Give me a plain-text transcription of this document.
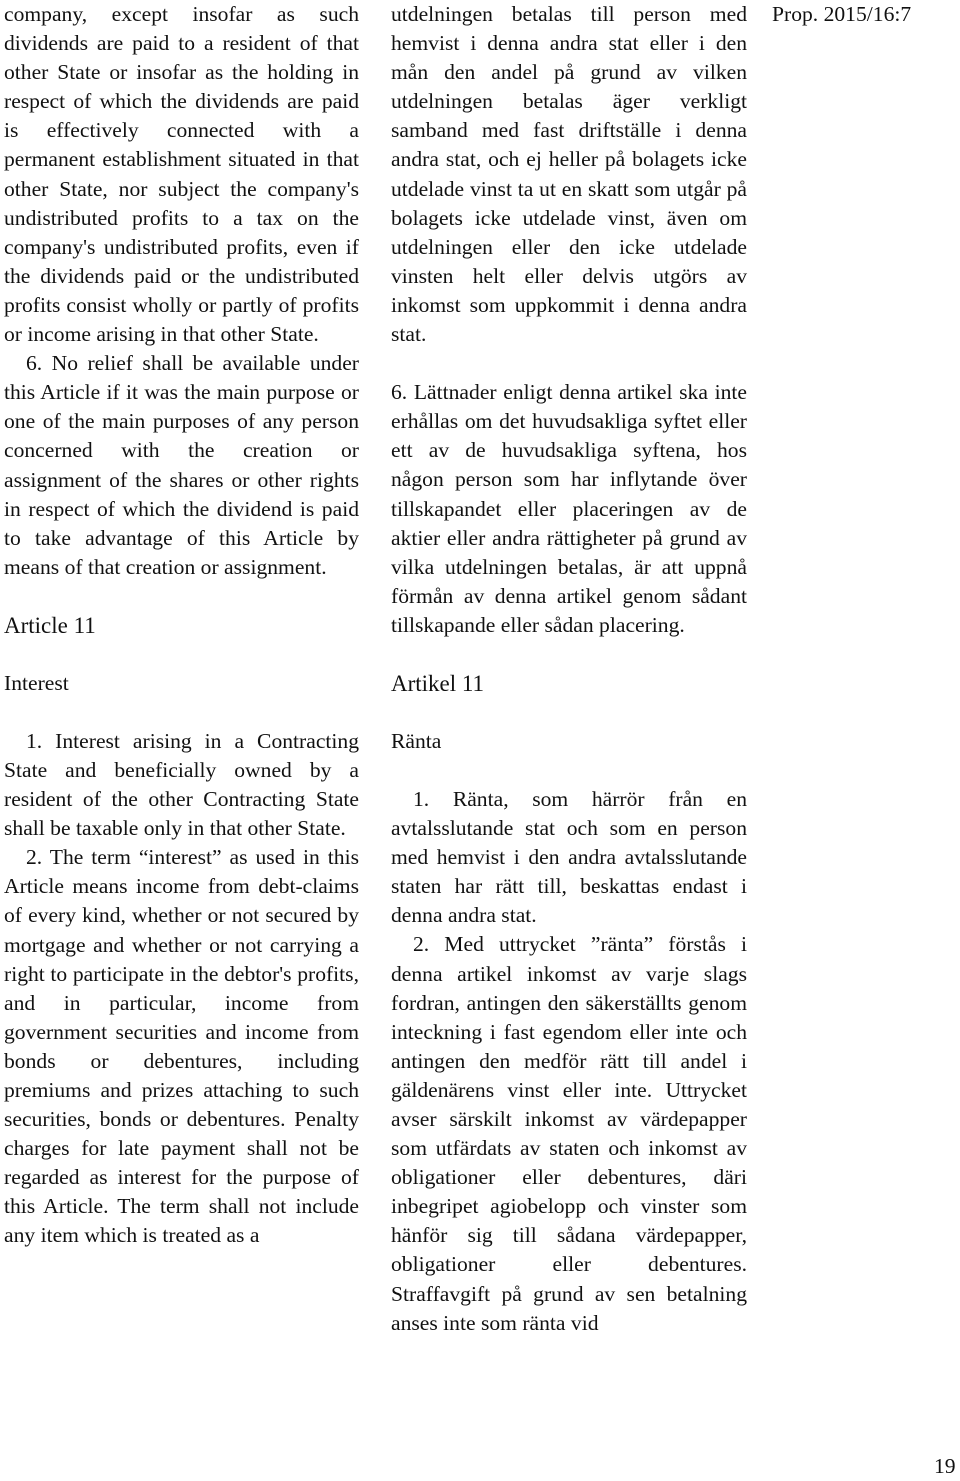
company, except insofar as such dividends are paid to a resident of that other State or insofar as the holding in respect of which the dividends are paid is effectively connected with a permanent establishment situated in that other State, nor subject the company's undistributed profits to a tax on the company's undistributed profits, even if the dividends paid or the undistributed profits consist wholly or partly of profits or income arising in that other State.

6. No relief shall be available under this Article if it was the main purpose or one of the main purposes of any person concerned with the creation or assignment of the shares or other rights in respect of which the dividend is paid to take advantage of this Article by means of that creation or assignment.

Article 11

Interest

1. Interest arising in a Contracting State and beneficially owned by a resident of the other Contracting State shall be taxable only in that other State.

2. The term “interest” as used in this Article means income from debt-claims of every kind, whether or not secured by mortgage and whether or not carrying a right to participate in the debtor's profits, and in particular, income from government securities and income from bonds or debentures, including premiums and prizes attaching to such securities, bonds or debentures. Penalty charges for late payment shall not be regarded as interest for the purpose of this Article. The term shall not include any item which is treated as a

utdelningen betalas till person med hemvist i denna andra stat eller i den mån den andel på grund av vilken utdelningen betalas äger verkligt samband med fast driftställe i denna andra stat, och ej heller på bolagets icke utdelade vinst ta ut en skatt som utgår på bolagets icke utdelade vinst, även om utdelningen eller den icke utdelade vinsten helt eller delvis utgörs av inkomst som uppkommit i denna andra stat.

6. Lättnader enligt denna artikel ska inte erhållas om det huvudsakliga syftet eller ett av de huvudsakliga syftena, hos någon person som har inflytande över tillskapandet eller placeringen av de aktier eller andra rättigheter på grund av vilka utdelningen betalas, är att uppnå förmån av denna artikel genom sådant tillskapande eller sådan placering.

Artikel 11

Ränta

1. Ränta, som härrör från en avtalsslutande stat och som en person med hemvist i den andra avtalsslutande staten har rätt till, beskattas endast i denna andra stat.

2. Med uttrycket ”ränta” förstås i denna artikel inkomst av varje slags fordran, antingen den säkerställts genom inteckning i fast egendom eller inte och antingen den medför rätt till andel i gäldenärens vinst eller inte. Uttrycket avser särskilt inkomst av värdepapper som utfärdats av staten och inkomst av obligationer eller debentures, däri inbegripet agiobelopp och vinster som hänför sig till sådana värdepapper, obligationer eller debentures. Straffavgift på grund av sen betalning anses inte som ränta vid

Prop. 2015/16:7
19
